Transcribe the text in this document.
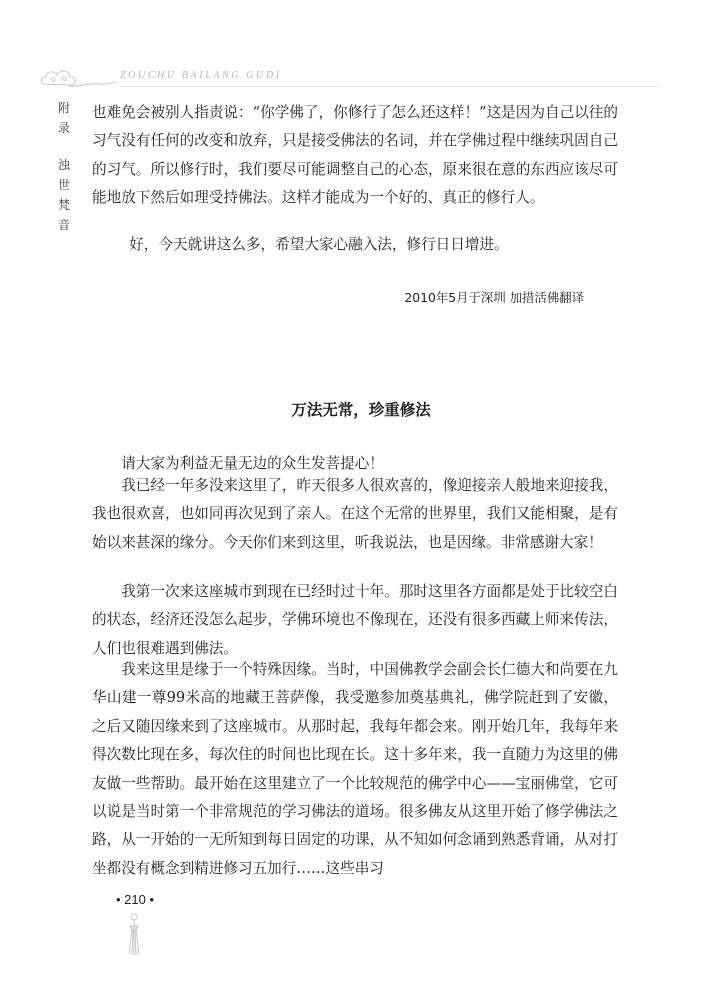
ZOUCHU BAILANG GUDI
附
录
浊
世
梵
音

也难免会被别人指责说：“你学佛了，你修行了怎么还这样！”这是因为自己以往的习气没有任何的改变和放弃，只是接受佛法的名词，并在学佛过程中继续巩固自己的习气。所以修行时，我们要尽可能调整自己的心态，原来很在意的东西应该尽可能地放下然后如理受持佛法。这样才能成为一个好的、真正的修行人。

好，今天就讲这么多，希望大家心融入法，修行日日增进。

2010年5月于深圳 加措活佛翻译
万法无常，珍重修法

请大家为利益无量无边的众生发菩提心！

我已经一年多没来这里了，昨天很多人很欢喜的，像迎接亲人般地来迎接我，我也很欢喜，也如同再次见到了亲人。在这个无常的世界里，我们又能相聚，是有始以来甚深的缘分。今天你们来到这里，听我说法，也是因缘。非常感谢大家！

我第一次来这座城市到现在已经时过十年。那时这里各方面都是处于比较空白的状态，经济还没怎么起步，学佛环境也不像现在，还没有很多西藏上师来传法，人们也很难遇到佛法。

我来这里是缘于一个特殊因缘。当时，中国佛教学会副会长仁德大和尚要在九华山建一尊99米高的地藏王菩萨像，我受邀参加奠基典礼，佛学院赶到了安徽，之后又随因缘来到了这座城市。从那时起，我每年都会来。刚开始几年，我每年来得次数比现在多，每次住的时间也比现在长。这十多年来，我一直随力为这里的佛友做一些帮助。最开始在这里建立了一个比较规范的佛学中心——宝丽佛堂，它可以说是当时第一个非常规范的学习佛法的道场。很多佛友从这里开始了修学佛法之路，从一开始的一无所知到每日固定的功课，从不知如何念诵到熟悉背诵，从对打坐都没有概念到精进修习五加行……这些串习

• 210 •
